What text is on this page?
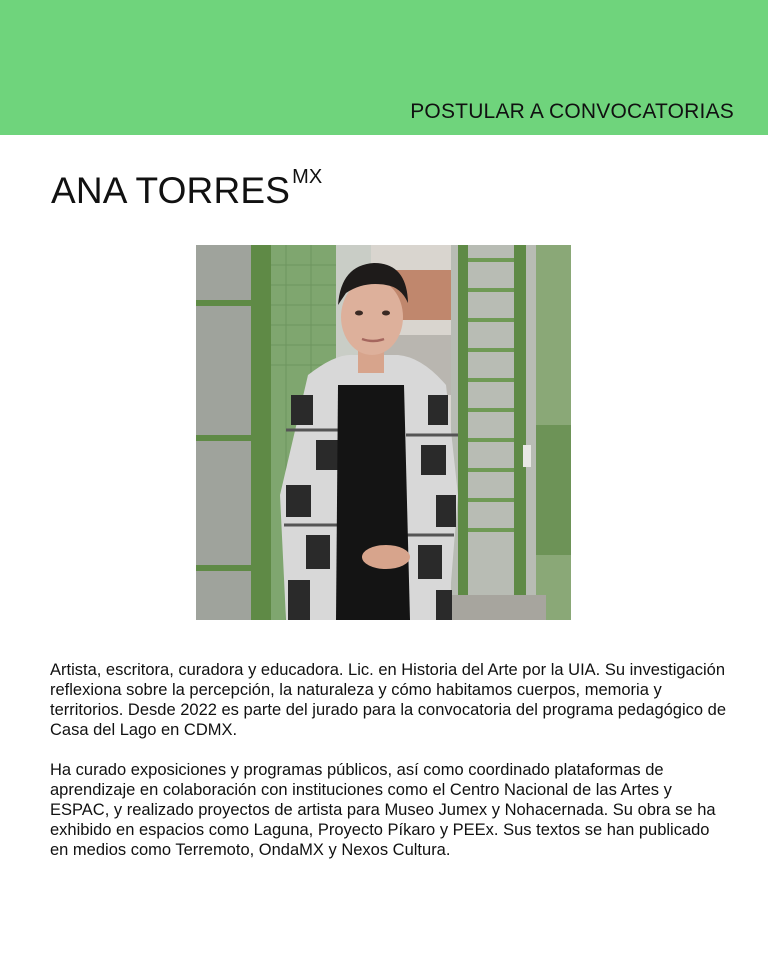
POSTULAR A CONVOCATORIAS
ANA TORRES MX

Artista, escritora, curadora y educadora. Lic. en Historia del Arte por la UIA. Su investigación reflexiona sobre la percepción, la naturaleza y cómo habitamos cuerpos, memoria y territorios. Desde 2022 es parte del jurado para la convocatoria del programa pedagógico de Casa del Lago en CDMX.

Ha curado exposiciones y programas públicos, así como coordinado plataformas de aprendizaje en colaboración con instituciones como el Centro Nacional de las Artes y ESPAC, y realizado proyectos de artista para Museo Jumex y Nohacernada. Su obra se ha exhibido en espacios como Laguna, Proyecto Píkaro y PEEx. Sus textos se han publicado en medios como Terremoto, OndaMX y Nexos Cultura.
